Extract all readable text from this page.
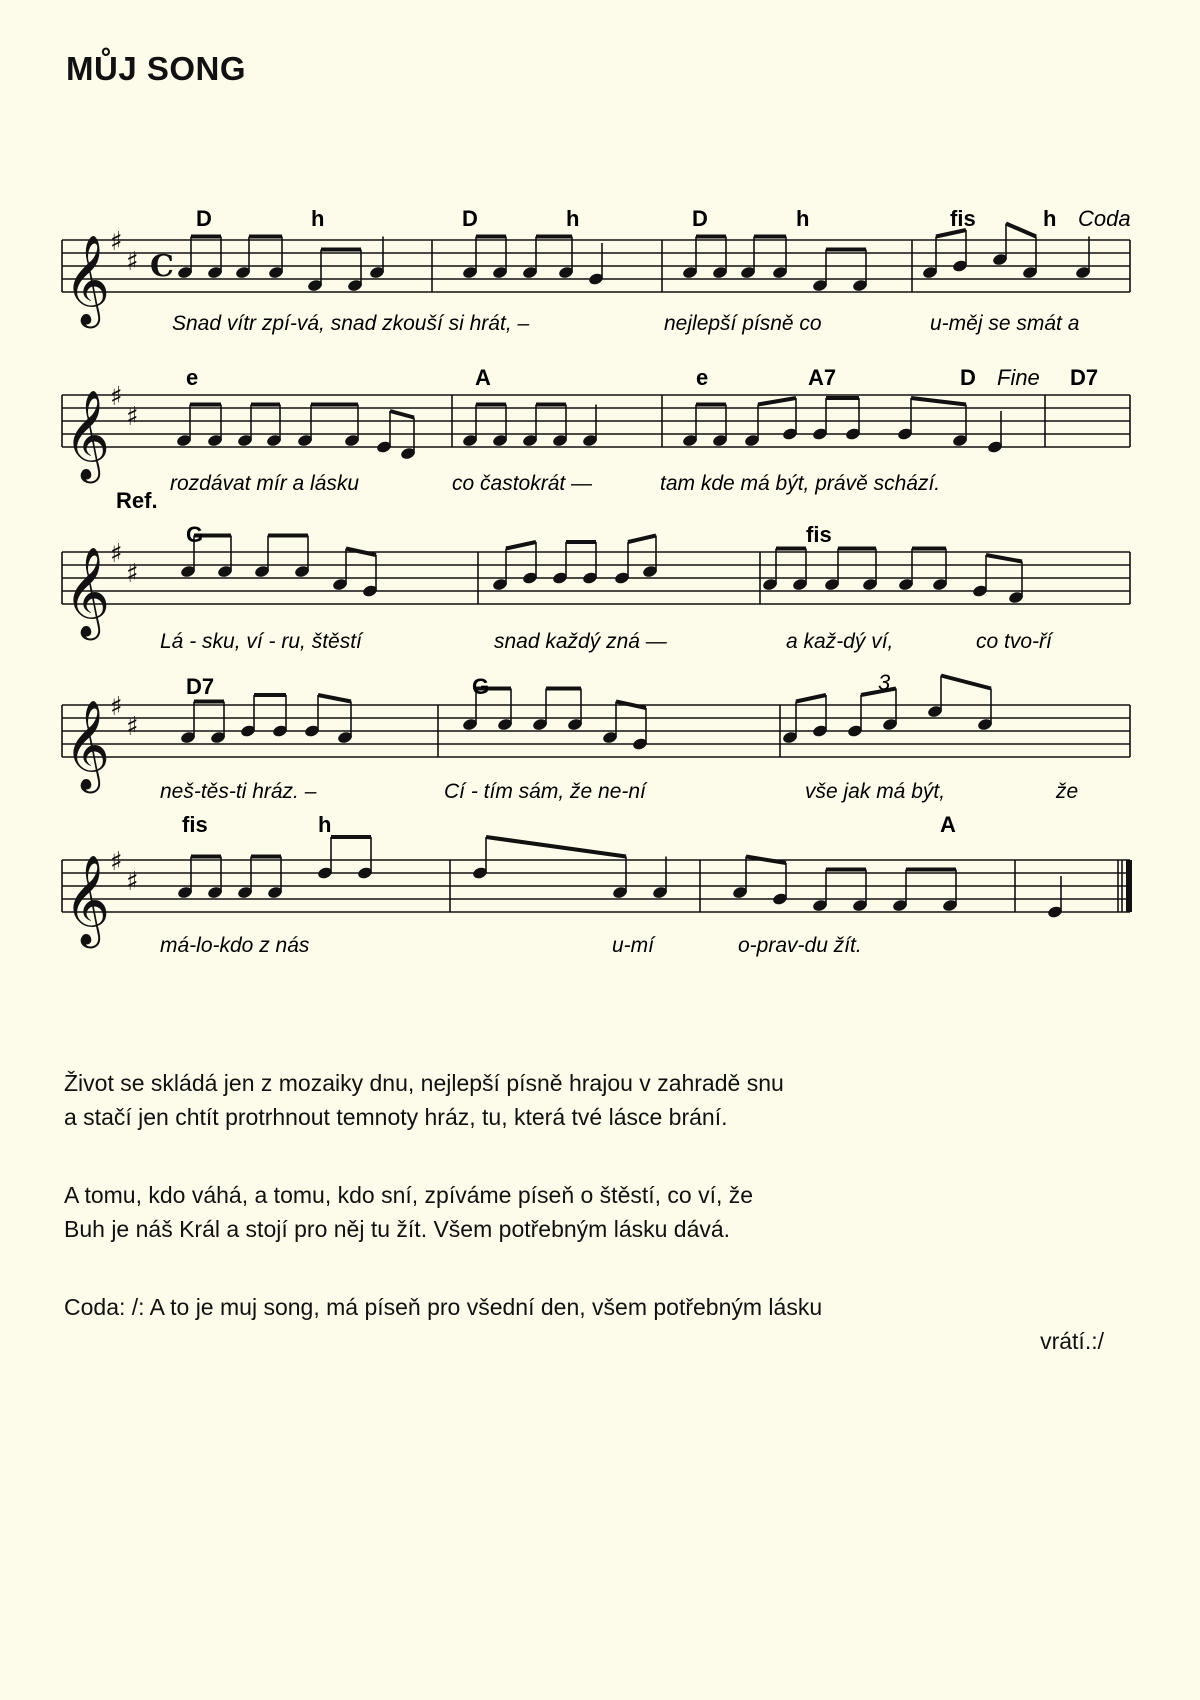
MŮJ SONG
𝄞 ♯
♯ C
D	h	D	h	D	h	fis	h Coda
Snad vítr zpí-vá, snad zkouší si hrát, –	nejlepší písně co	u-měj se smát a
𝄞 ♯
♯
e	A	e	A7	D	D7
Fine
rozdávat mír a lásku	co častokrát —	tam kde má být, právě schází.
𝄞 ♯
♯
G	fis
Ref.
Lá - sku, ví - ru, štěstí	snad každý zná —	a kaž-dý ví,	co tvo-ří
𝄞 ♯
♯
D7	G	3
neš-těs-ti hráz. –	Cí - tím sám, že ne-ní	vše jak má být,	že
𝄞 ♯
♯
fis	h	A
má-lo-kdo z nás	u-mí	o-prav-du žít.

Život se skládá jen z mozaiky dnu, nejlepší písně hrajou v zahradě snu
a stačí jen chtít protrhnout temnoty hráz, tu, která tvé lásce brání.

A tomu, kdo váhá, a tomu, kdo sní, zpíváme píseň o štěstí, co ví, že
Buh je náš Král a stojí pro něj tu žít. Všem potřebným lásku dává.

Coda: /: A to je muj song, má píseň pro všední den, všem potřebným lásku

vrátí.:/
